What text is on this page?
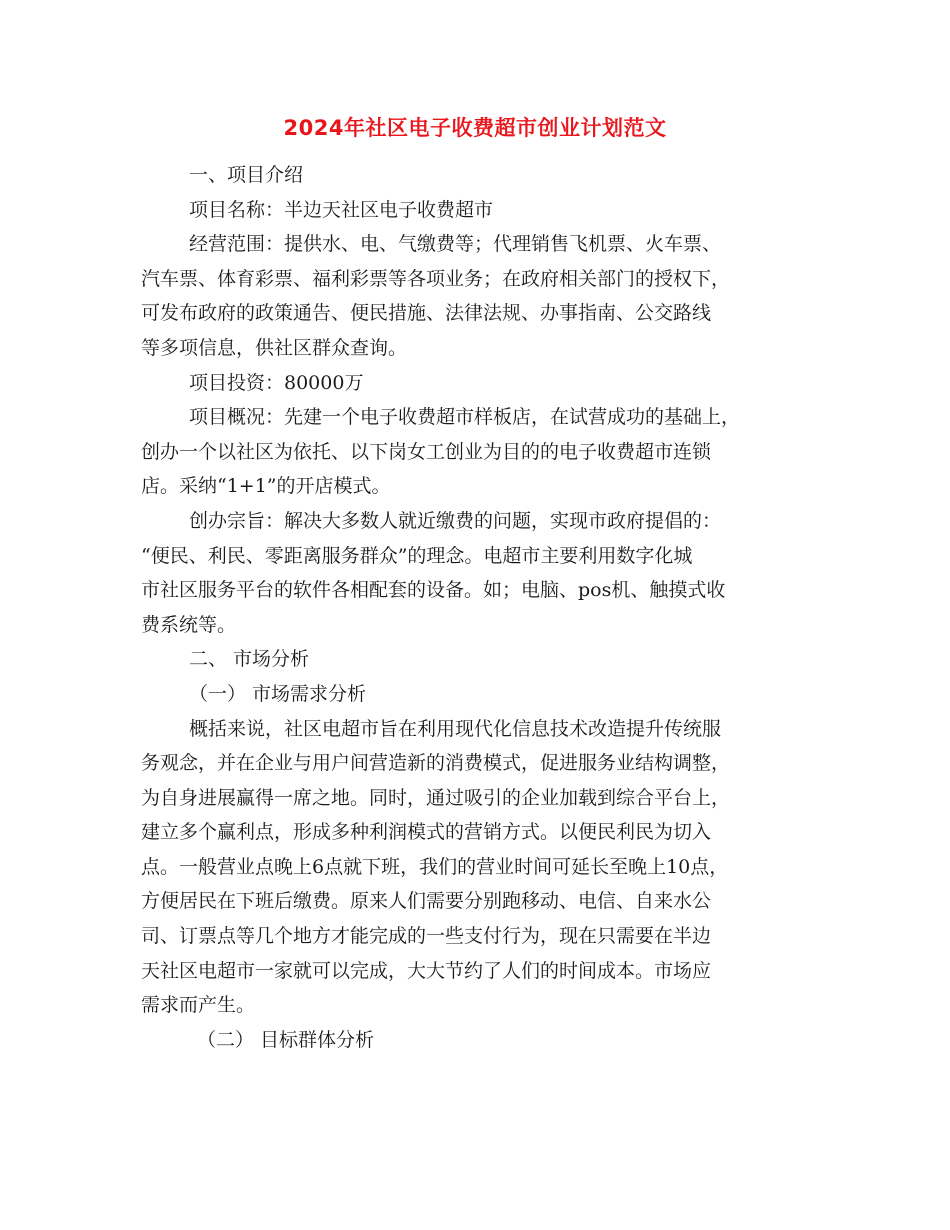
2024年社区电子收费超市创业计划范文

一、项目介绍

项目名称：半边天社区电子收费超市

经营范围：提供水、电、气缴费等；代理销售飞机票、火车票、
汽车票、体育彩票、福利彩票等各项业务；在政府相关部门的授权下，
可发布政府的政策通告、便民措施、法律法规、办事指南、公交路线
等多项信息，供社区群众查询。

项目投资：80000万

项目概况：先建一个电子收费超市样板店，在试营成功的基础上，
创办一个以社区为依托、以下岗女工创业为目的的电子收费超市连锁
店。采纳“1+1”的开店模式。

创办宗旨：解决大多数人就近缴费的问题，实现市政府提倡的：
“便民、利民、零距离服务群众”的理念。电超市主要利用数字化城
市社区服务平台的软件各相配套的设备。如；电脑、pos机、触摸式收
费系统等。

二、 市场分析

（一） 市场需求分析

概括来说，社区电超市旨在利用现代化信息技术改造提升传统服
务观念，并在企业与用户间营造新的消费模式，促进服务业结构调整，
为自身进展赢得一席之地。同时，通过吸引的企业加载到综合平台上，
建立多个赢利点，形成多种利润模式的营销方式。以便民利民为切入
点。一般营业点晚上6点就下班，我们的营业时间可延长至晚上10点，
方便居民在下班后缴费。原来人们需要分别跑移动、电信、自来水公
司、订票点等几个地方才能完成的一些支付行为，现在只需要在半边
天社区电超市一家就可以完成，大大节约了人们的时间成本。市场应
需求而产生。

（二） 目标群体分析
